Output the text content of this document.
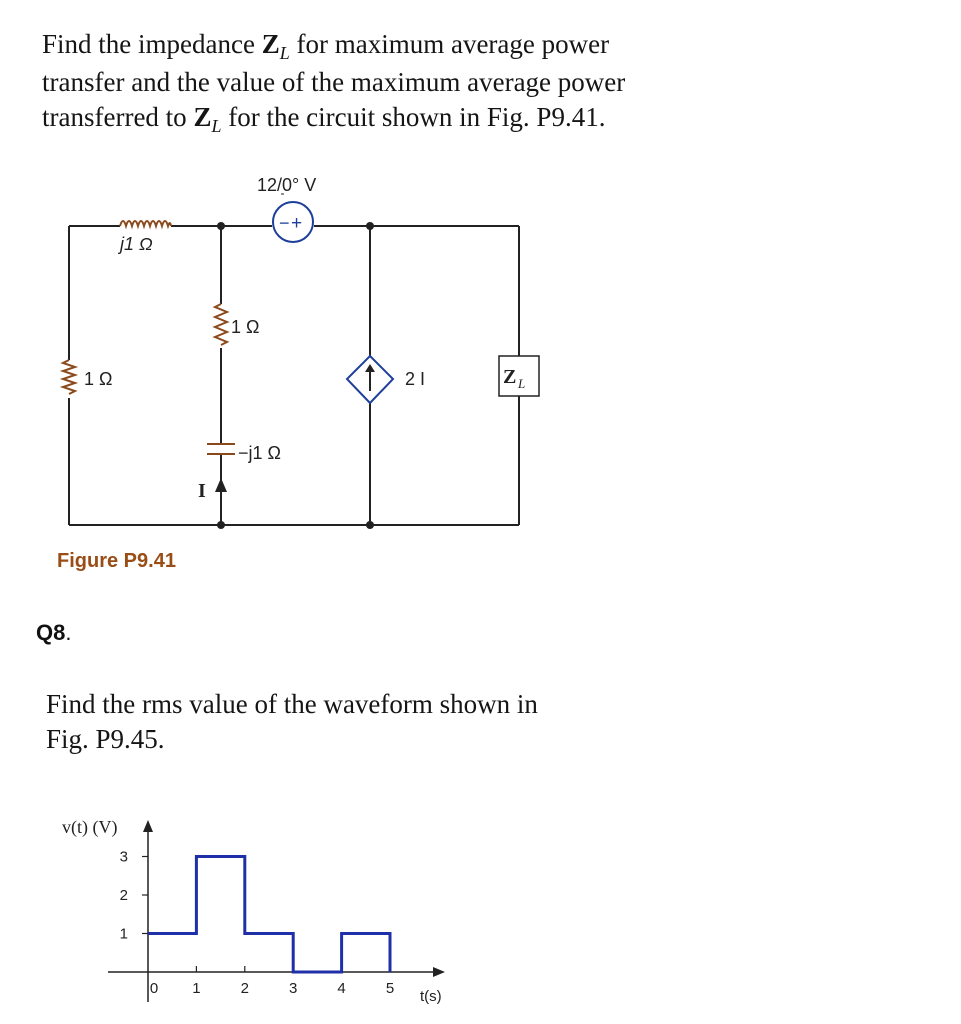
Find the impedance $Z_L$ for maximum average power
transfer and the value of the maximum average power
transferred to $Z_L$ for the circuit shown in Fig. P9.41.

j1 Ω
− +
12/0° V
1 Ω
1 Ω
−j1 Ω
I
2 I	Z L
Figure P9.41

Q8.

Find the rms value of the waveform shown in
Fig. P9.45.

0 1	2	3	4	5
1
2
3
v(t) (V)
t(s)
